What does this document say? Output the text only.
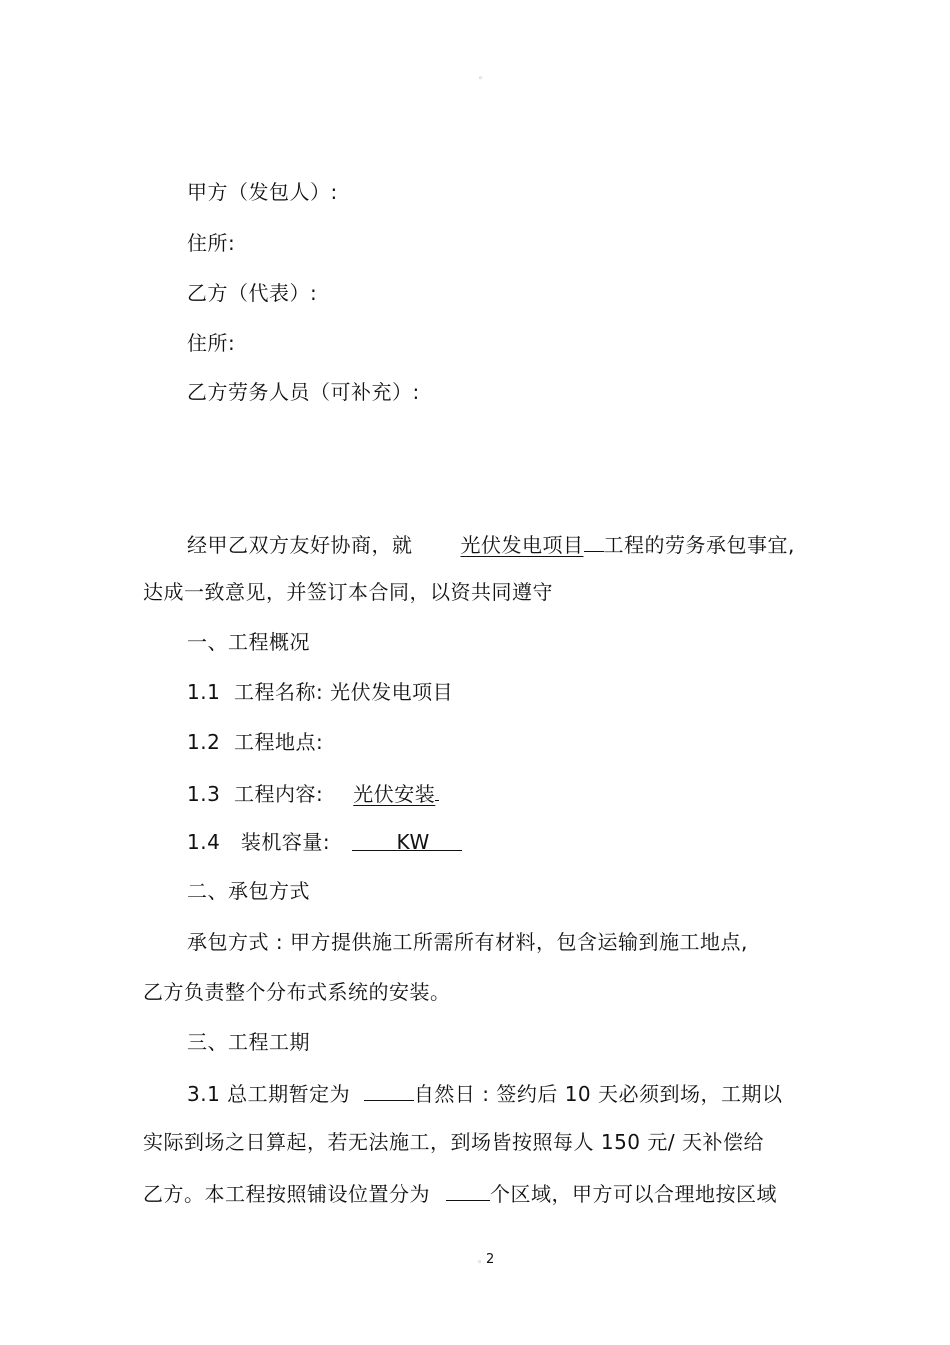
。
甲方（发包人）:
住所:
乙方（代表）:
住所:
乙方劳务人员（可补充）:
经甲乙双方友好协商，就 光伏发电项目 工程的劳务承包事宜,
达成一致意见，并签订本合同，以资共同遵守
一、工程概况
1.1 工程名称: 光伏发电项目
1.2 工程地点:
1.3 工程内容: 光伏安装
1.4 装机容量:	KW
二、承包方式
承包方式 : 甲方提供施工所需所有材料，包含运输到施工地点,
乙方负责整个分布式系统的安装。
三、工程工期
3.1 总工期暂定为	自然日 : 签约后 10 天必须到场，工期以
实际到场之日算起，若无法施工，到场皆按照每人 150 元/ 天补偿给
乙方。本工程按照铺设位置分为	个区域，甲方可以合理地按区域
。 2
